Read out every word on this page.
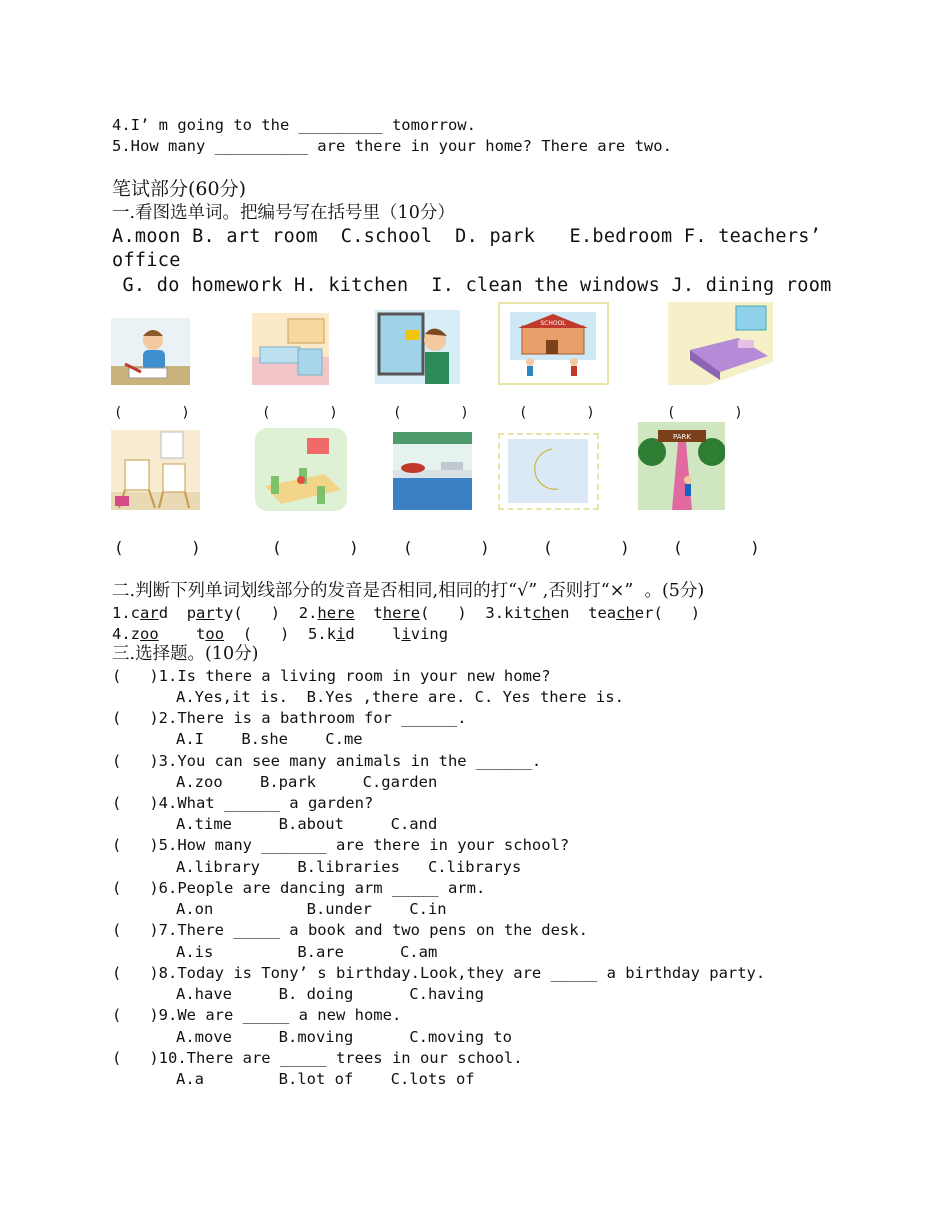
4.I’ m going to the _________ tomorrow.
5.How many __________ are there in your home? There are two.
笔试部分(60分)
一.看图选单词。把编号写在括号里（10分）
A.moon B. art room  C.school  D. park   E.bedroom F. teachers’
office
G. do homework H. kitchen  I. clean the windows J. dining room
SCHOOL
(       )	(       )	(       )	(       )	(       )
PARK
(       )	(       )	(       )	(       )	(       )
二.判断下列单词划线部分的发音是否相同,相同的打“√” ,否则打“×”  。(5分)
1.card party(   ) 2.here there(   ) 3.kitchen teacher(   )
4.zoo too (   ) 5.kid living
三.选择题。(10分)
(   )1.Is there a living room in your new home?
A.Yes,it is.  B.Yes ,there are. C. Yes there is.
(   )2.There is a bathroom for ______.
A.I    B.she    C.me
(   )3.You can see many animals in the ______.
A.zoo    B.park     C.garden
(   )4.What ______ a garden?
A.time     B.about     C.and
(   )5.How many _______ are there in your school?
A.library    B.libraries   C.librarys
(   )6.People are dancing arm _____ arm.
A.on          B.under    C.in
(   )7.There _____ a book and two pens on the desk.
A.is         B.are      C.am
(   )8.Today is Tony’ s birthday.Look,they are _____ a birthday party.
A.have     B. doing      C.having
(   )9.We are _____ a new home.
A.move     B.moving      C.moving to
(   )10.There are _____ trees in our school.
A.a        B.lot of    C.lots of
